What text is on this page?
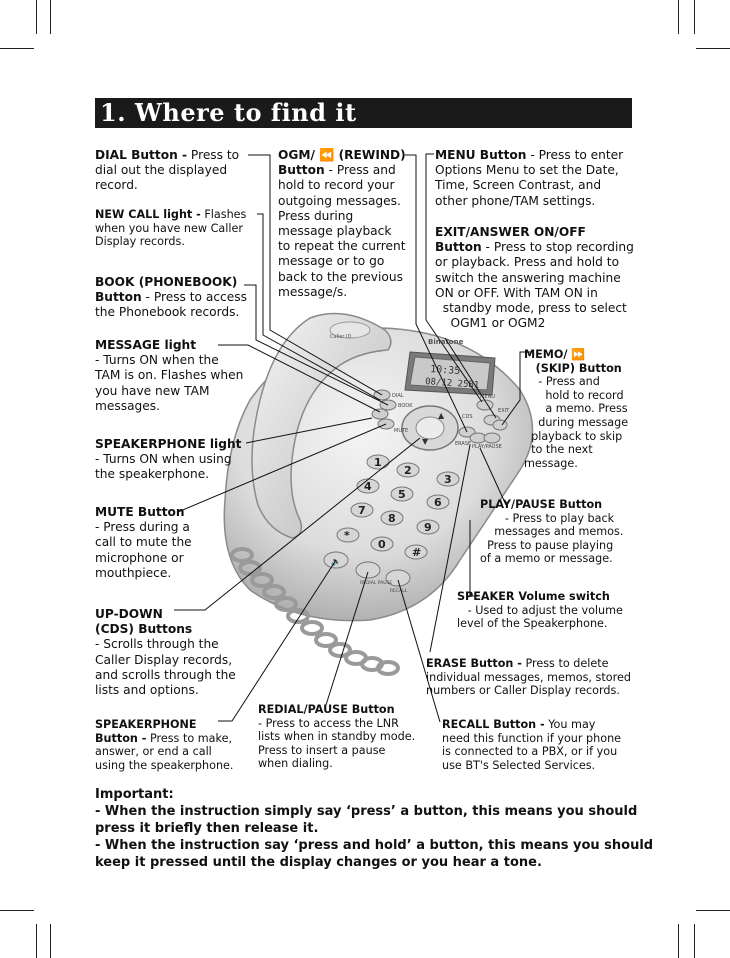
1. Where to find it
10:35
08/12 25B1
Binatone
▲
▼
DIAL
BOOK
MUTE
MENU
EXIT
ERASE PLAY/PAUSE
CDS
1
2
3
4
5
6
7
8
9
*
0
#
🔈
REDIAL PAUSE
RECALL
Caller ID
DIAL Button - Press to
dial out the displayed
record.
NEW CALL light - Flashes
when you have new Caller
Display records.
BOOK (PHONEBOOK)
Button - Press to access
the Phonebook records.
MESSAGE light
- Turns ON when the
TAM is on. Flashes when
you have new TAM
messages.
SPEAKERPHONE light
- Turns ON when using
the speakerphone.
MUTE Button
- Press during a
call to mute the
microphone or
mouthpiece.
UP-DOWN
(CDS) Buttons
- Scrolls through the
Caller Display records,
and scrolls through the
lists and options.
SPEAKERPHONE
Button - Press to make,
answer, or end a call
using the speakerphone.
OGM/ ⏪ (REWIND)
Button - Press and
hold to record your
outgoing messages.
Press during
message playback
to repeat the current
message or to go
back to the previous
message/s.
REDIAL/PAUSE Button
- Press to access the LNR
lists when in standby mode.
Press to insert a pause
when dialing.
MENU Button - Press to enter
Options Menu to set the Date,
Time, Screen Contrast, and
other phone/TAM settings.
EXIT/ANSWER ON/OFF
Button - Press to stop recording
or playback. Press and hold to
switch the answering machine
ON or OFF. With TAM ON in
standby mode, press to select
OGM1 or OGM2
MEMO/ ⏩
(SKIP) Button
- Press and
hold to record
a memo. Press
during message
playback to skip
to the next
message.
PLAY/PAUSE Button
- Press to play back
messages and memos.
Press to pause playing
of a memo or message.
SPEAKER Volume switch
- Used to adjust the volume
level of the Speakerphone.
ERASE Button - Press to delete
individual messages, memos, stored
numbers or Caller Display records.
RECALL Button - You may
need this function if your phone
is connected to a PBX, or if you
use BT's Selected Services.
Important:
- When the instruction simply say ‘press’ a button, this means you should
press it briefly then release it.
- When the instruction say ‘press and hold’ a button, this means you should
keep it pressed until the display changes or you hear a tone.
